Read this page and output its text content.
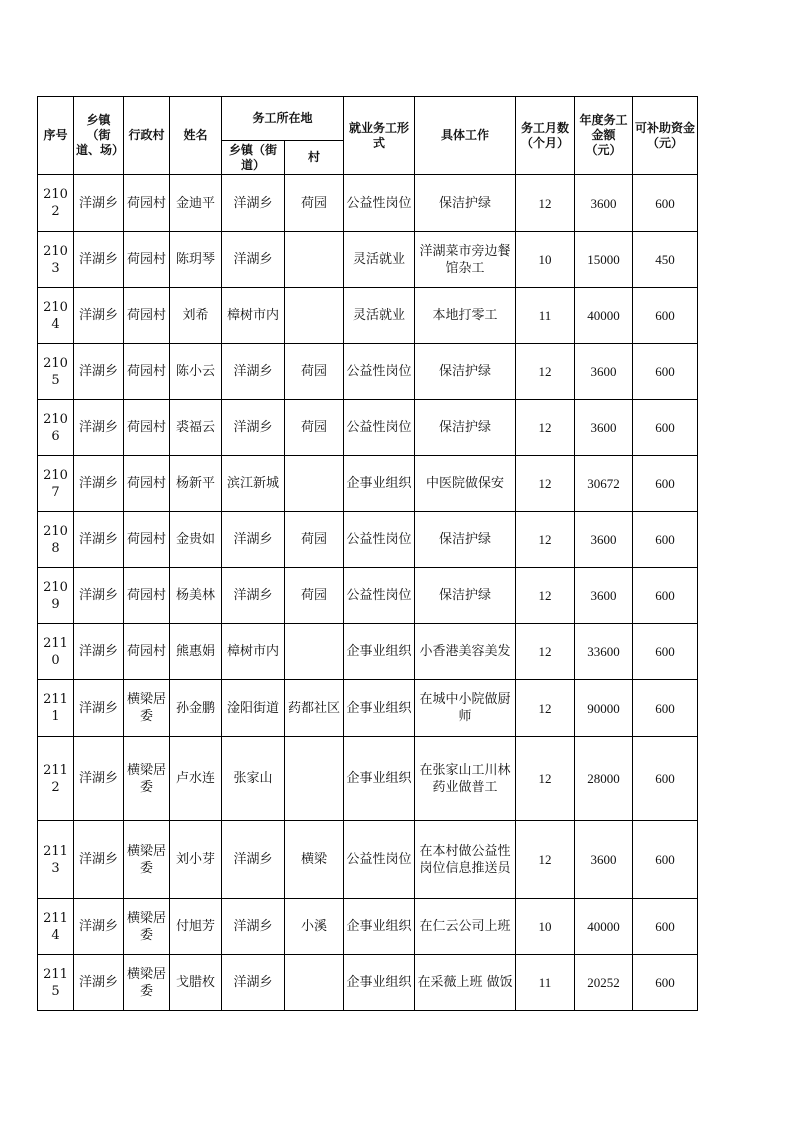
序号	乡镇（街道、场）	行政村	姓名	务工所在地		就业务工形式	具体工作	务工月数（个月）	年度务工金额（元）	可补助资金（元）
				乡镇（街道）	村					
2102	洋湖乡	荷园村	金迪平	洋湖乡	荷园	公益性岗位	保洁护绿	12	3600	600
2103	洋湖乡	荷园村	陈玥琴	洋湖乡		灵活就业	洋湖菜市旁边餐馆杂工	10	15000	450
2104	洋湖乡	荷园村	刘希	樟树市内		灵活就业	本地打零工	11	40000	600
2105	洋湖乡	荷园村	陈小云	洋湖乡	荷园	公益性岗位	保洁护绿	12	3600	600
2106	洋湖乡	荷园村	裘福云	洋湖乡	荷园	公益性岗位	保洁护绿	12	3600	600
2107	洋湖乡	荷园村	杨新平	滨江新城		企事业组织	中医院做保安	12	30672	600
2108	洋湖乡	荷园村	金贵如	洋湖乡	荷园	公益性岗位	保洁护绿	12	3600	600
2109	洋湖乡	荷园村	杨美林	洋湖乡	荷园	公益性岗位	保洁护绿	12	3600	600
2110	洋湖乡	荷园村	熊惠娟	樟树市内		企事业组织	小香港美容美发	12	33600	600
2111	洋湖乡	横梁居委	孙金鹏	淦阳街道	药都社区	企事业组织	在城中小院做厨师	12	90000	600
2112	洋湖乡	横梁居委	卢水连	张家山		企事业组织	在张家山工川林药业做普工	12	28000	600
2113	洋湖乡	横梁居委	刘小芽	洋湖乡	横梁	公益性岗位	在本村做公益性岗位信息推送员	12	3600	600
2114	洋湖乡	横梁居委	付旭芳	洋湖乡	小溪	企事业组织	在仁云公司上班	10	40000	600
2115	洋湖乡	横梁居委	戈腊枚	洋湖乡		企事业组织	在采薇上班 做饭	11	20252	600
